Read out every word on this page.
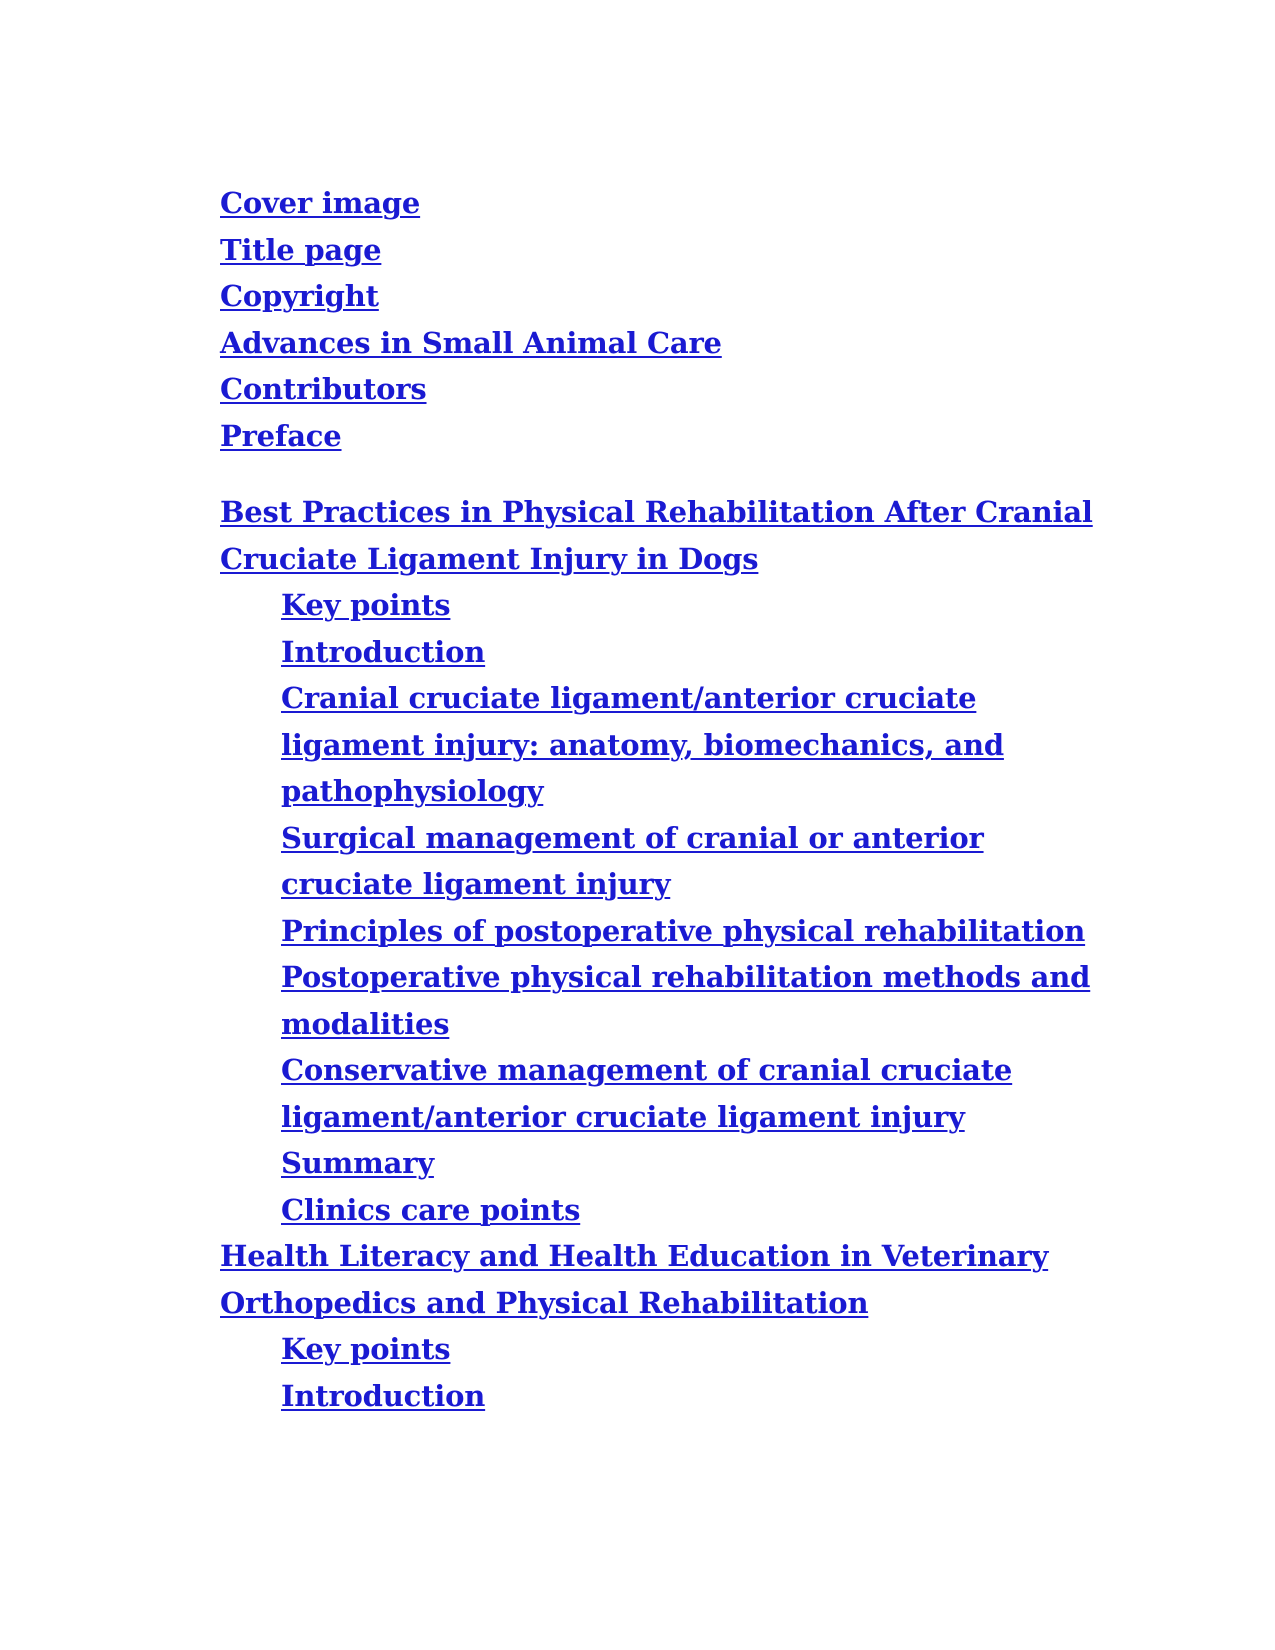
Cover image
Title page
Copyright
Advances in Small Animal Care
Contributors
Preface
Best Practices in Physical Rehabilitation After Cranial Cruciate Ligament Injury in Dogs
Key points
Introduction
Cranial cruciate ligament/anterior cruciate ligament injury: anatomy, biomechanics, and pathophysiology
Surgical management of cranial or anterior cruciate ligament injury
Principles of postoperative physical rehabilitation
Postoperative physical rehabilitation methods and modalities
Conservative management of cranial cruciate ligament/anterior cruciate ligament injury
Summary
Clinics care points
Health Literacy and Health Education in Veterinary Orthopedics and Physical Rehabilitation
Key points
Introduction
